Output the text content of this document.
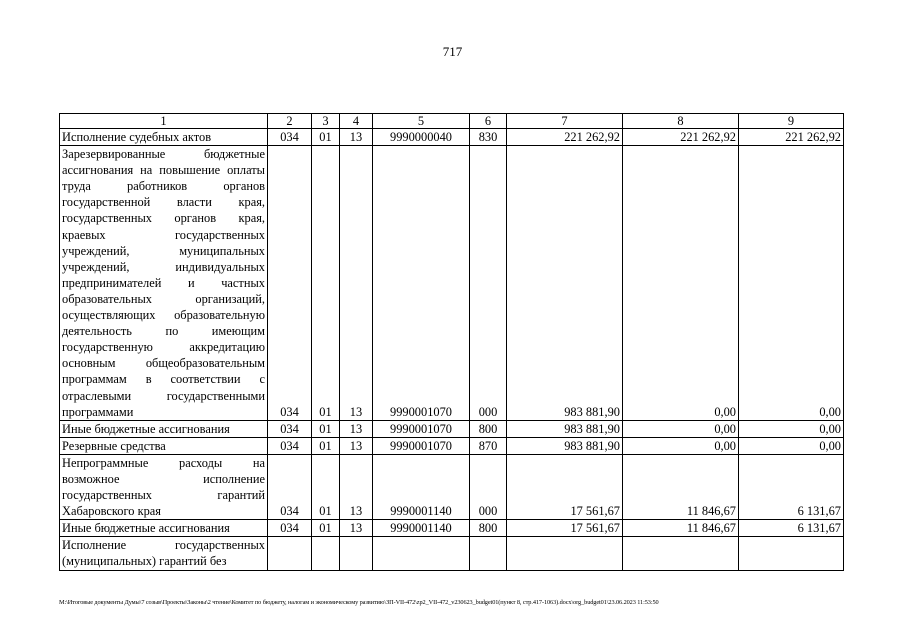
717
1	2	3	4	5	6	7	8	9
Исполнение судебных актов	034	01	13	9990000040	830	221 262,92	221 262,92	221 262,92
Зарезервированные бюджетные ассигнования на повышение оплаты труда работников органов государственной власти края, государственных органов края, краевых государственных учреждений, муниципальных учреждений, индивидуальных предпринимателей и частных образовательных организаций, осуществляющих образовательную деятельность по имеющим государственную аккредитацию основным общеобразовательным программам в соответствии с отраслевыми государственными программами	034	01	13	9990001070	000	983 881,90	0,00	0,00
Иные бюджетные ассигнования	034	01	13	9990001070	800	983 881,90	0,00	0,00
Резервные средства	034	01	13	9990001070	870	983 881,90	0,00	0,00
Непрограммные расходы на возможное исполнение государственных гарантий Хабаровского края	034	01	13	9990001140	000	17 561,67	11 846,67	6 131,67
Иные бюджетные ассигнования	034	01	13	9990001140	800	17 561,67	11 846,67	6 131,67
Исполнение государственных (муниципальных) гарантий без								
M:\Итоговые документы Думы\7 созыв\Проекты\Законы\2 чтение\Комитет по бюджету, налогам и экономическому развитию\ЗП-VII-472\zp2_VII-472_v230623_budget01(пункт 8, стр.417-1063).docx\org_budget01\23.06.2023 11:53:50
